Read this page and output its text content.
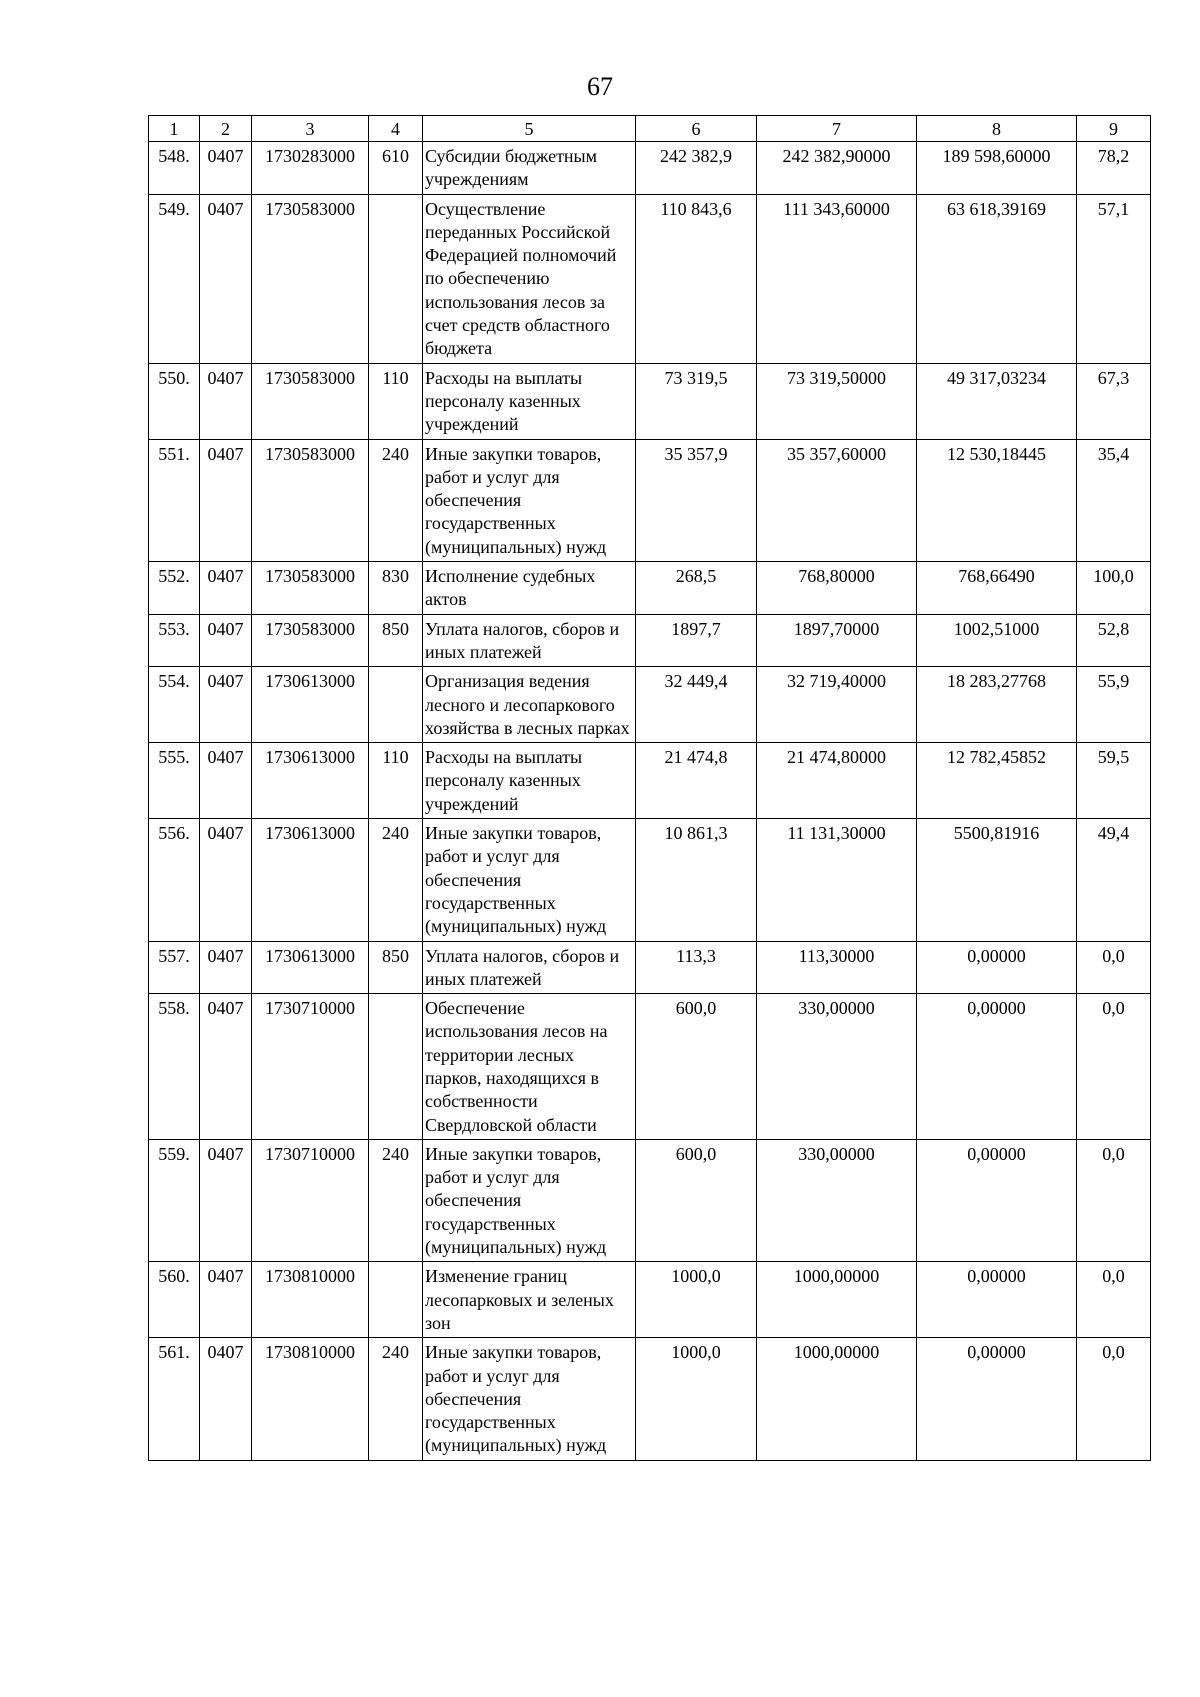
67
1	2	3	4	5	6	7	8	9
548.	0407	1730283000	610	Субсидии бюджетным учреждениям	242 382,9	242 382,90000	189 598,60000	78,2
549.	0407	1730583000		Осуществление переданных Российской Федерацией полномочий по обеспечению использования лесов за счет средств областного бюджета	110 843,6	111 343,60000	63 618,39169	57,1
550.	0407	1730583000	110	Расходы на выплаты персоналу казенных учреждений	73 319,5	73 319,50000	49 317,03234	67,3
551.	0407	1730583000	240	Иные закупки товаров, работ и услуг для обеспечения государственных (муниципальных) нужд	35 357,9	35 357,60000	12 530,18445	35,4
552.	0407	1730583000	830	Исполнение судебных актов	268,5	768,80000	768,66490	100,0
553.	0407	1730583000	850	Уплата налогов, сборов и иных платежей	1897,7	1897,70000	1002,51000	52,8
554.	0407	1730613000		Организация ведения лесного и лесопаркового хозяйства в лесных парках	32 449,4	32 719,40000	18 283,27768	55,9
555.	0407	1730613000	110	Расходы на выплаты персоналу казенных учреждений	21 474,8	21 474,80000	12 782,45852	59,5
556.	0407	1730613000	240	Иные закупки товаров, работ и услуг для обеспечения государственных (муниципальных) нужд	10 861,3	11 131,30000	5500,81916	49,4
557.	0407	1730613000	850	Уплата налогов, сборов и иных платежей	113,3	113,30000	0,00000	0,0
558.	0407	1730710000		Обеспечение использования лесов на территории лесных парков, находящихся в собственности Свердловской области	600,0	330,00000	0,00000	0,0
559.	0407	1730710000	240	Иные закупки товаров, работ и услуг для обеспечения государственных (муниципальных) нужд	600,0	330,00000	0,00000	0,0
560.	0407	1730810000		Изменение границ лесопарковых и зеленых зон	1000,0	1000,00000	0,00000	0,0
561.	0407	1730810000	240	Иные закупки товаров, работ и услуг для обеспечения государственных (муниципальных) нужд	1000,0	1000,00000	0,00000	0,0
